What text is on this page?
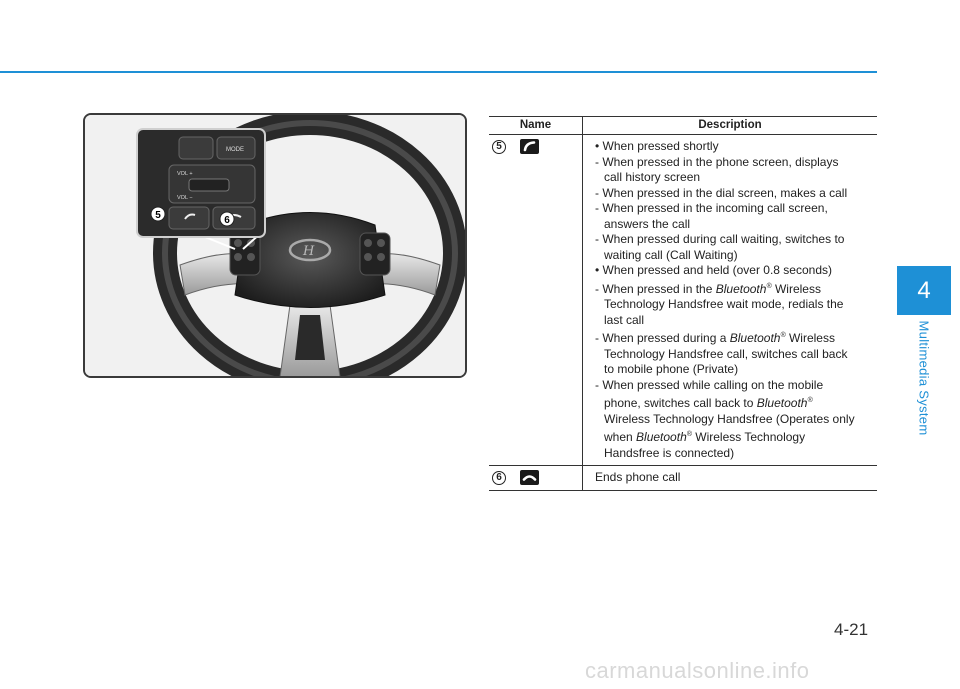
H
MODE
VOL +
VOL −
5	6
Name	Description
5	• When pressed shortly
- When pressed in the phone screen, displays
call history screen
- When pressed in the dial screen, makes a call
- When pressed in the incoming call screen,
answers the call
- When pressed during call waiting, switches to
waiting call (Call Waiting)
• When pressed and held (over 0.8 seconds)
- When pressed in the Bluetooth® Wireless
Technology Handsfree wait mode, redials the
last call
- When pressed during a Bluetooth® Wireless
Technology Handsfree call, switches call back
to mobile phone (Private)
- When pressed while calling on the mobile
phone, switches call back to Bluetooth®
Wireless Technology Handsfree (Operates only
when Bluetooth® Wireless Technology
Handsfree is connected)
6	Ends phone call
4
Multimedia System
4-21
carmanualsonline.info
